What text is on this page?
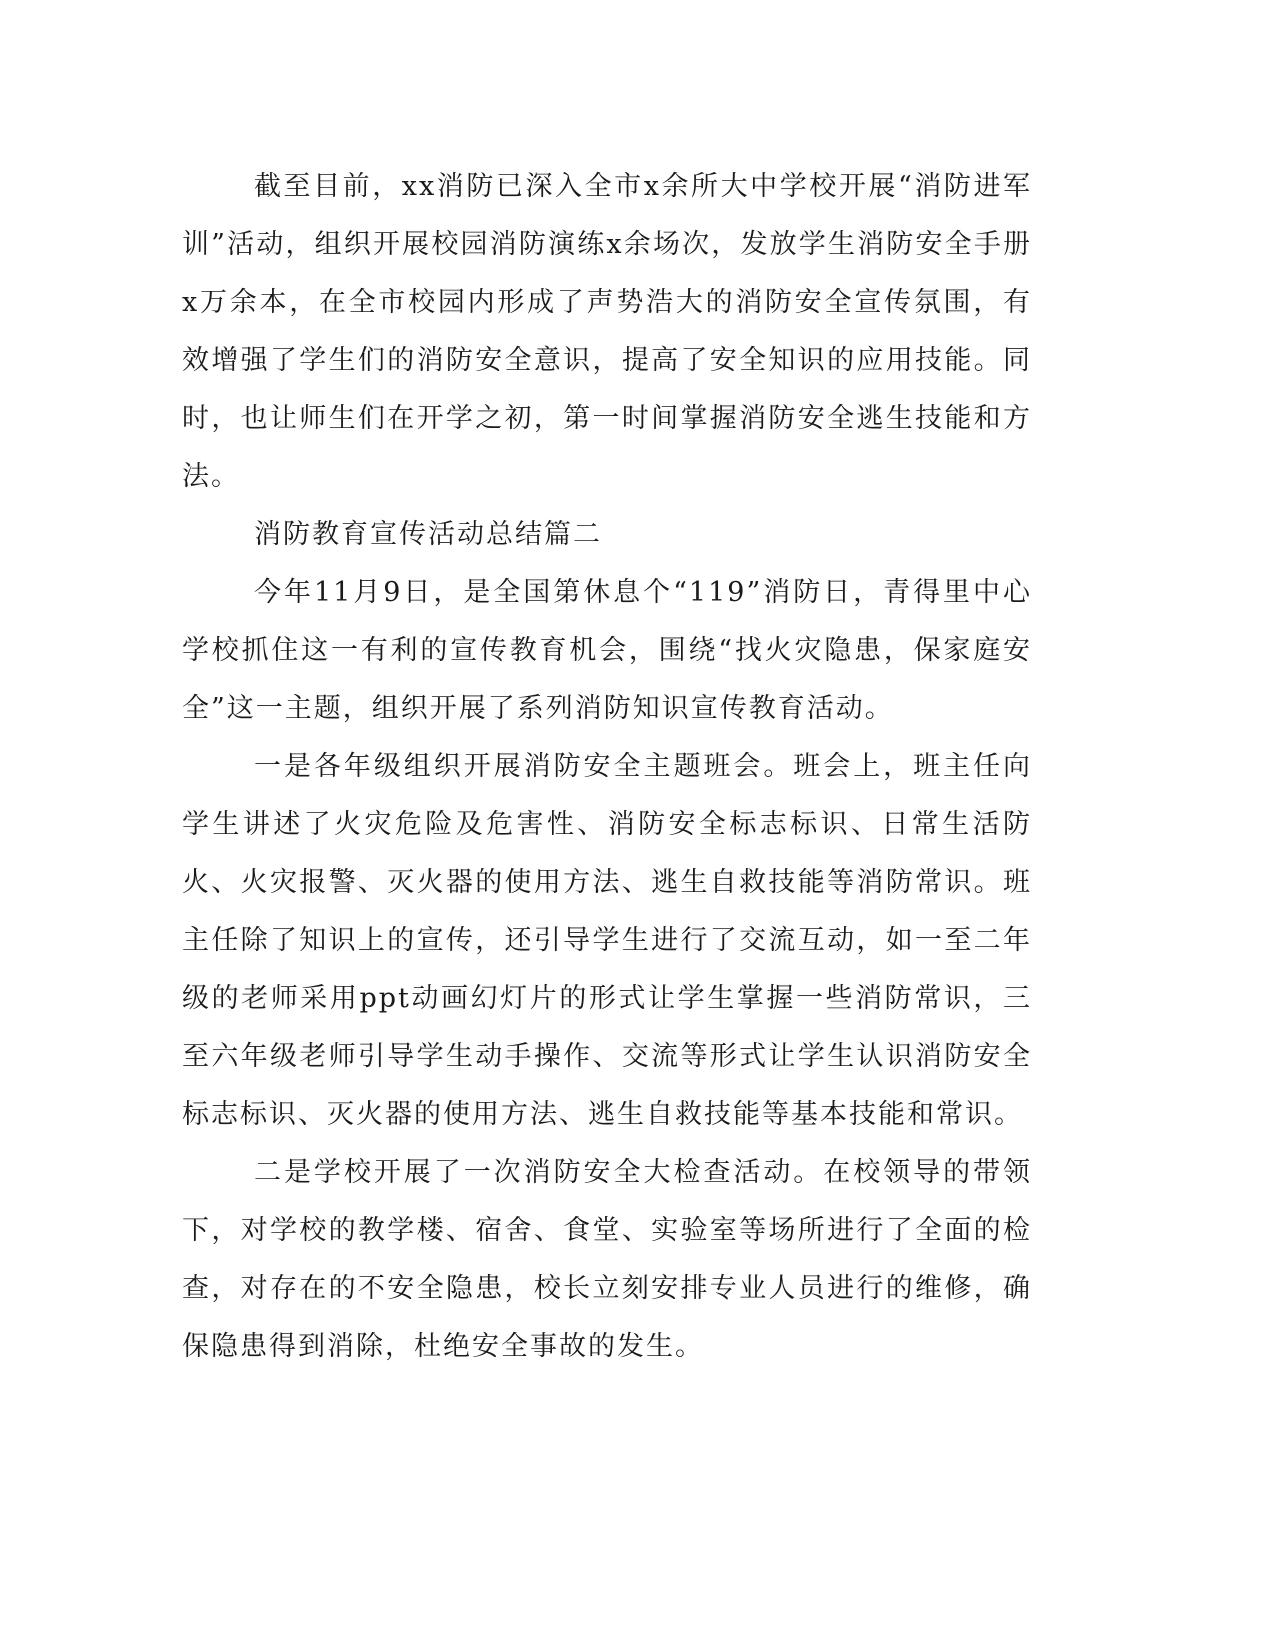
截至目前，xx消防已深入全市x余所大中学校开展“消防进军训”活动，组织开展校园消防演练x余场次，发放学生消防安全手册x万余本，在全市校园内形成了声势浩大的消防安全宣传氛围，有效增强了学生们的消防安全意识，提高了安全知识的应用技能。同时，也让师生们在开学之初，第一时间掌握消防安全逃生技能和方法。

消防教育宣传活动总结篇二

今年11月9日，是全国第休息个“119”消防日，青得里中心学校抓住这一有利的宣传教育机会，围绕“找火灾隐患，保家庭安全”这一主题，组织开展了系列消防知识宣传教育活动。

一是各年级组织开展消防安全主题班会。班会上，班主任向学生讲述了火灾危险及危害性、消防安全标志标识、日常生活防火、火灾报警、灭火器的使用方法、逃生自救技能等消防常识。班主任除了知识上的宣传，还引导学生进行了交流互动，如一至二年级的老师采用ppt动画幻灯片的形式让学生掌握一些消防常识，三至六年级老师引导学生动手操作、交流等形式让学生认识消防安全标志标识、灭火器的使用方法、逃生自救技能等基本技能和常识。

二是学校开展了一次消防安全大检查活动。在校领导的带领下，对学校的教学楼、宿舍、食堂、实验室等场所进行了全面的检查，对存在的不安全隐患，校长立刻安排专业人员进行的维修，确保隐患得到消除，杜绝安全事故的发生。
